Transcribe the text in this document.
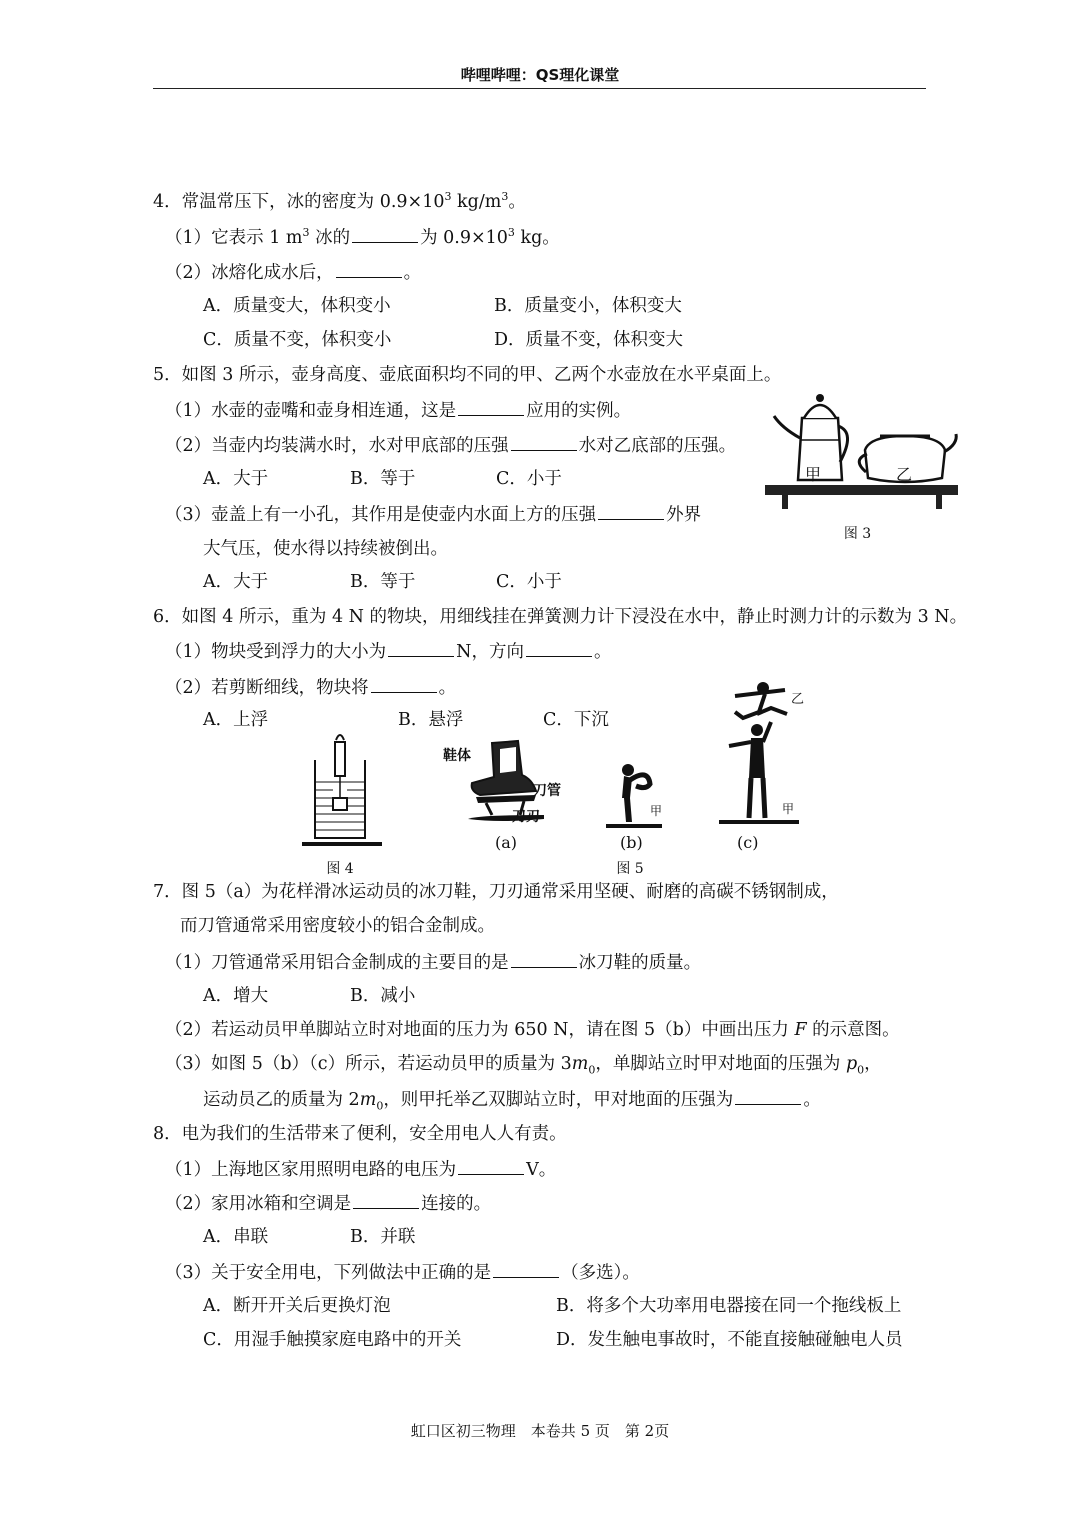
哔哩哔哩：QS理化课堂
4．常温常压下，冰的密度为 $0.9\times 10^3$ $kg/m^3$。
（1）它表示 1 $m^3$ 冰的	为 $0.9\times 10^3$ kg。
（2）冰熔化成水后，	。
A．质量变大，体积变小	B．质量变小，体积变大
C．质量不变，体积变小	D．质量不变，体积变大
5．如图 3 所示，壶身高度、壶底面积均不同的甲、乙两个水壶放在水平桌面上。
（1）水壶的壶嘴和壶身相连通，这是	应用的实例。
（2）当壶内均装满水时，水对甲底部的压强	水对乙底部的压强。
A．大于	B．等于	C．小于
（3）壶盖上有一小孔，其作用是使壶内水面上方的压强	外界
大气压，使水得以持续被倒出。
A．大于	B．等于	C．小于
甲	乙
图 3
6．如图 4 所示，重为 4 N 的物块，用细线挂在弹簧测力计下浸没在水中，静止时测力计的示数为 3 N。
（1）物块受到浮力的大小为	N，方向	。
（2）若剪断细线，物块将	。
A．上浮	B．悬浮	C．下沉
图 4
鞋体
刀管
刀刃
(a)
甲
(b)
乙
甲
(c)
图 5
7．图 5（a）为花样滑冰运动员的冰刀鞋，刀刃通常采用坚硬、耐磨的高碳不锈钢制成，
而刀管通常采用密度较小的铝合金制成。
（1）刀管通常采用铝合金制成的主要目的是	冰刀鞋的质量。
A．增大	B．减小
（2）若运动员甲单脚站立时对地面的压力为 650 N，请在图 5（b）中画出压力 F 的示意图。
（3）如图 5（b）（c）所示，若运动员甲的质量为 $3m_0$，单脚站立时甲对地面的压强为 $p_0$，
运动员乙的质量为 $2m_0$，则甲托举乙双脚站立时，甲对地面的压强为	。
8．电为我们的生活带来了便利，安全用电人人有责。
（1）上海地区家用照明电路的电压为	V。
（2）家用冰箱和空调是	连接的。
A．串联	B．并联
（3）关于安全用电，下列做法中正确的是	（多选）。
A．断开开关后更换灯泡	B．将多个大功率用电器接在同一个拖线板上
C．用湿手触摸家庭电路中的开关	D．发生触电事故时，不能直接触碰触电人员
虹口区初三物理　本卷共 5 页　第 2页
